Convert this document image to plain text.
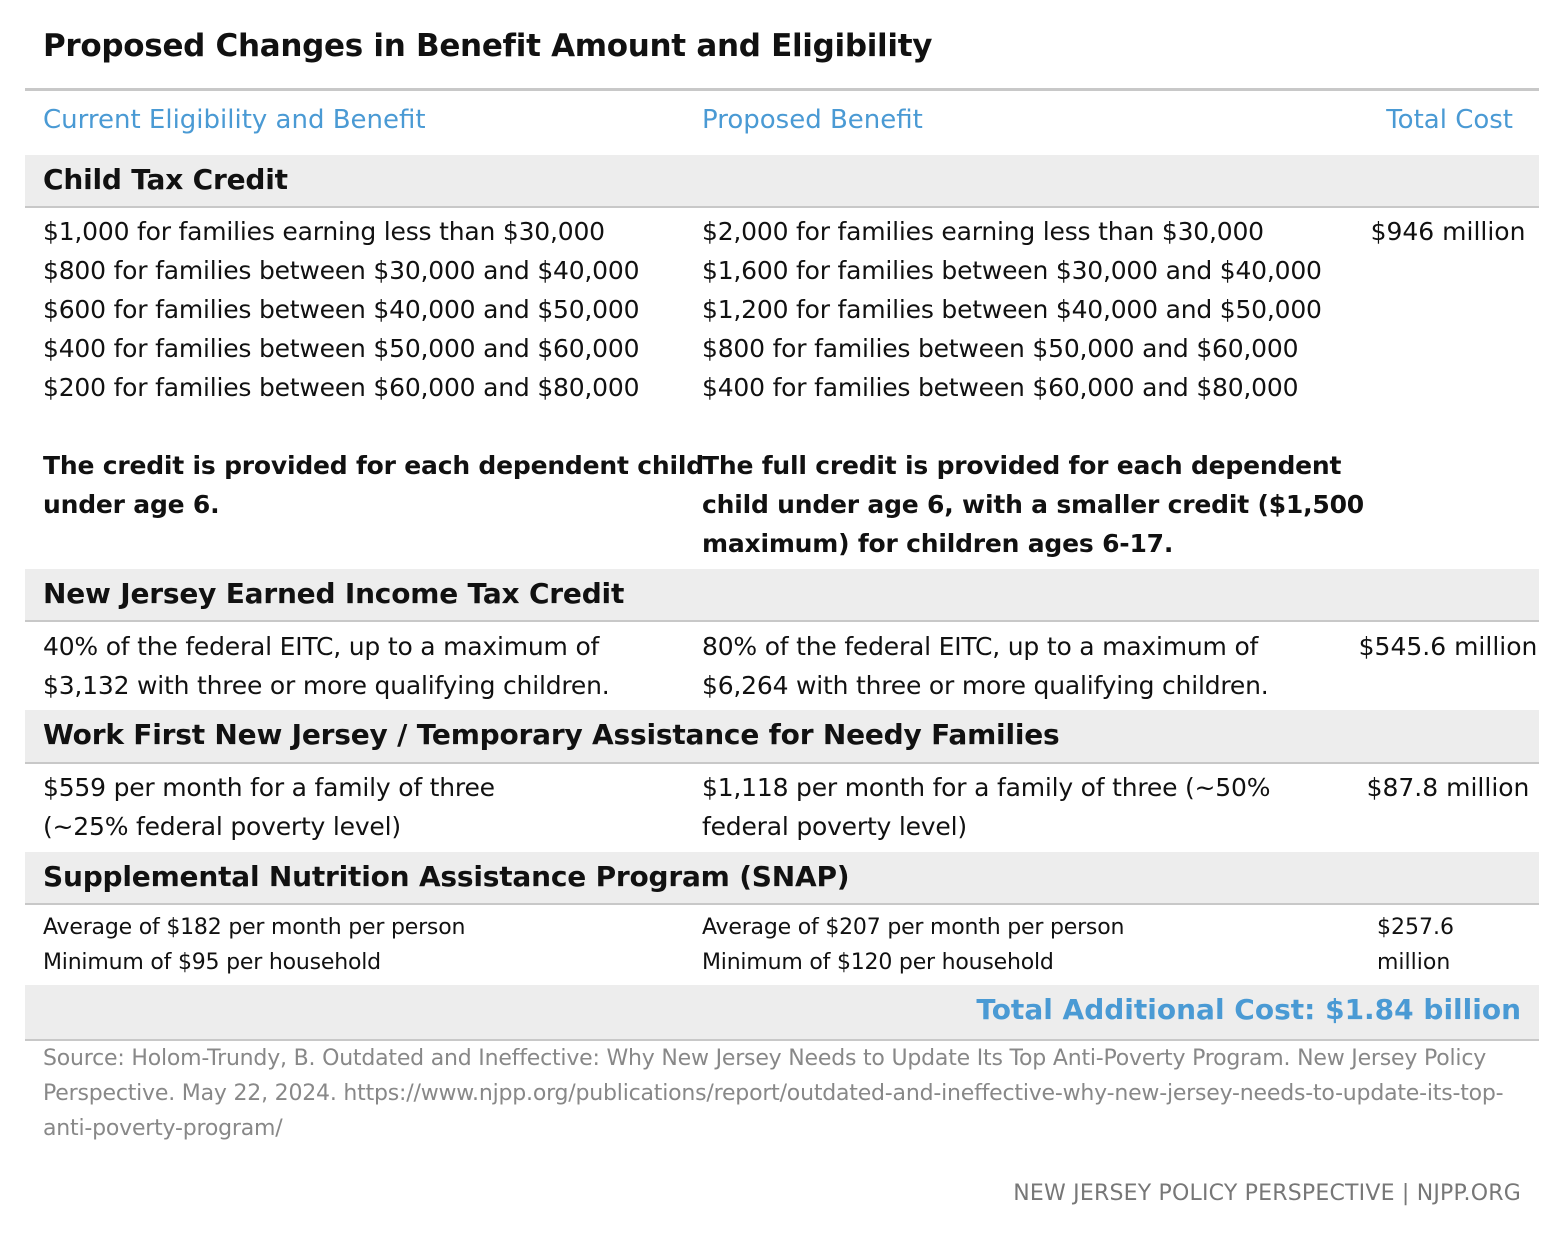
Proposed Changes in Benefit Amount and Eligibility
Current Eligibility and Benefit	Proposed Benefit	Total Cost
Child Tax Credit
$1,000 for families earning less than $30,000
$800 for families between $30,000 and $40,000
$600 for families between $40,000 and $50,000
$400 for families between $50,000 and $60,000
$200 for families between $60,000 and $80,000
The credit is provided for each dependent child
under age 6.
$2,000 for families earning less than $30,000
$1,600 for families between $30,000 and $40,000
$1,200 for families between $40,000 and $50,000
$800 for families between $50,000 and $60,000
$400 for families between $60,000 and $80,000
The full credit is provided for each dependent
child under age 6, with a smaller credit ($1,500
maximum) for children ages 6-17.
$946 million
New Jersey Earned Income Tax Credit
40% of the federal EITC, up to a maximum of
$3,132 with three or more qualifying children.
80% of the federal EITC, up to a maximum of
$6,264 with three or more qualifying children.
$545.6 million
Work First New Jersey / Temporary Assistance for Needy Families
$559 per month for a family of three
(~25% federal poverty level)
$1,118 per month for a family of three (~50%
federal poverty level)
$87.8 million
Supplemental Nutrition Assistance Program (SNAP)
Average of $182 per month per person
Minimum of $95 per household
Average of $207 per month per person
Minimum of $120 per household
$257.6 million
Total Additional Cost: $1.84 billion
Source: Holom-Trundy, B. Outdated and Ineffective: Why New Jersey Needs to Update Its Top Anti-Poverty Program. New Jersey Policy Perspective. May 22, 2024. https://www.njpp.org/publications/report/outdated-and-ineffective-why-new-jersey-needs-to-update-its-top-anti-poverty-program/
NEW JERSEY POLICY PERSPECTIVE | NJPP.ORG
